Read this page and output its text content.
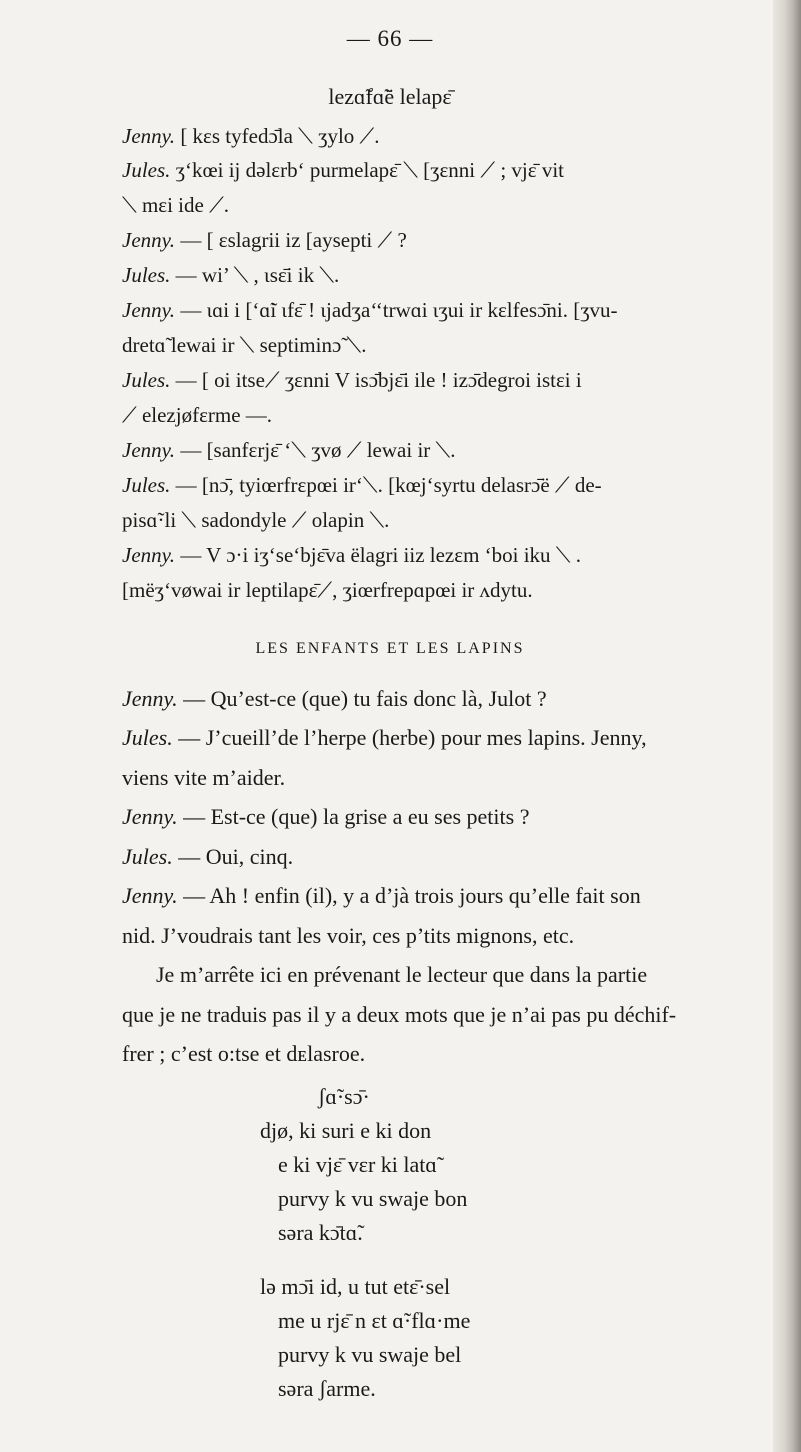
— 66 —
lezɑ̃fɑ̃ë lelapɛ̄
Jenny. [ kɛs tyfedɔ̄la ⟍ ʒylo ⟋.
Jules. ʒ‘kœi ij dəlɛrb‘ purmelapɛ̄ ⟍ [ʒɛnni ⟋ ; vjɛ̄ vit
⟍ mɛi ide ⟋.
Jenny. — [ ɛslagrii iz [aysepti ⟋ ?
Jules. — wi’ ⟍ , ɩsɛ̄i ik ⟍.
Jenny. — ɩɑi i [‘ɑ̃i ɩfɛ̄ ! ɩjadʒa‘‘trwɑi ɩʒui ir kɛlfesɔ̄ni. [ʒvu-
dretɑ̃ lewai ir ⟍ septiminɔ̃ ⟍.
Jules. — [ oi itse⟋ ʒɛnni V isɔ̄bjɛ̄i ile ! izɔ̄degroi istɛi i
⟋ elezjøfɛrme —.
Jenny. — [sanfɛrjɛ̄ ‘⟍ ʒvø ⟋ lewai ir ⟍.
Jules. — [nɔ̄, tyiœrfrɛpœi ir‘⟍. [kœj‘syrtu delasrɔ̄ë ⟋ de-
pisɑ̃·li ⟍ sadondyle ⟋ olapin ⟍.
Jenny. — V ɔ·i iʒ‘se‘bjɛ̄va ëlagri iiz lezɛm ‘boi iku ⟍ .
[mëʒ‘vøwai ir leptilapɛ̄⟋, ʒiœrfrepɑpœi ir ʌdytu.
LES ENFANTS ET LES LAPINS
Jenny. — Qu’est-ce (que) tu fais donc là, Julot ?
Jules. — J’cueill’de l’herpe (herbe) pour mes lapins. Jenny,
viens vite m’aider.
Jenny. — Est-ce (que) la grise a eu ses petits ?
Jules. — Oui, cinq.
Jenny. — Ah ! enfin (il), y a d’jà trois jours qu’elle fait son
nid. J’voudrais tant les voir, ces p’tits mignons, etc.
Je m’arrête ici en prévenant le lecteur que dans la partie
que je ne traduis pas il y a deux mots que je n’ai pas pu déchif-
frer ; c’est o:tse et dᴇlasroe.
ʃɑ̃·sɔ̄·
djø, ki suri e ki don
e ki vjɛ̄ vɛr ki latɑ̃
purvy k vu swaje bon
səra kɔ̄tɑ̃.
lə mɔ̄i id, u tut etɛ̄·sel
me u rjɛ̄ n ɛt ɑ̃·flɑ·me
purvy k vu swaje bel
səra ʃarme.
